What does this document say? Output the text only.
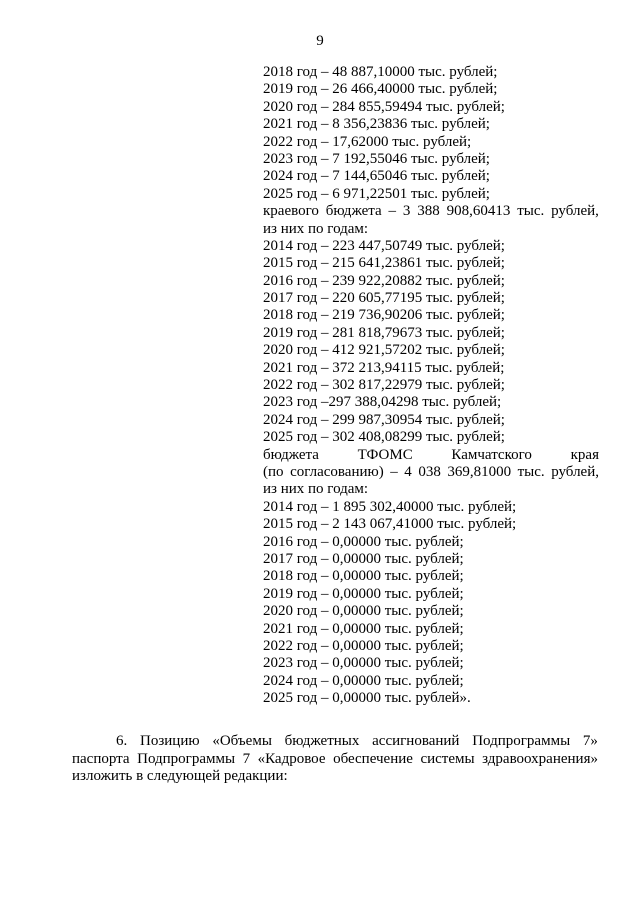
9
2018 год – 48 887,10000 тыс. рублей;
2019 год – 26 466,40000 тыс. рублей;
2020 год – 284 855,59494 тыс. рублей;
2021 год – 8 356,23836 тыс. рублей;
2022 год – 17,62000 тыс. рублей;
2023 год – 7 192,55046 тыс. рублей;
2024 год – 7 144,65046 тыс. рублей;
2025 год – 6 971,22501 тыс. рублей;
краевого бюджета – 3 388 908,60413 тыс. рублей,
из них по годам:
2014 год – 223 447,50749 тыс. рублей;
2015 год – 215 641,23861 тыс. рублей;
2016 год – 239 922,20882 тыс. рублей;
2017 год – 220 605,77195 тыс. рублей;
2018 год – 219 736,90206 тыс. рублей;
2019 год – 281 818,79673 тыс. рублей;
2020 год – 412 921,57202 тыс. рублей;
2021 год – 372 213,94115 тыс. рублей;
2022 год – 302 817,22979 тыс. рублей;
2023 год –297 388,04298 тыс. рублей;
2024 год – 299 987,30954 тыс. рублей;
2025 год – 302 408,08299 тыс. рублей;
бюджета	ТФОМС	Камчатского	края
(по согласованию) – 4 038 369,81000 тыс. рублей,
из них по годам:
2014 год – 1 895 302,40000 тыс. рублей;
2015 год – 2 143 067,41000 тыс. рублей;
2016 год – 0,00000 тыс. рублей;
2017 год – 0,00000 тыс. рублей;
2018 год – 0,00000 тыс. рублей;
2019 год – 0,00000 тыс. рублей;
2020 год – 0,00000 тыс. рублей;
2021 год – 0,00000 тыс. рублей;
2022 год – 0,00000 тыс. рублей;
2023 год – 0,00000 тыс. рублей;
2024 год – 0,00000 тыс. рублей;
2025 год – 0,00000 тыс. рублей».
6. Позицию «Объемы бюджетных ассигнований Подпрограммы 7»
паспорта Подпрограммы 7 «Кадровое обеспечение системы здравоохранения»
изложить в следующей редакции:
